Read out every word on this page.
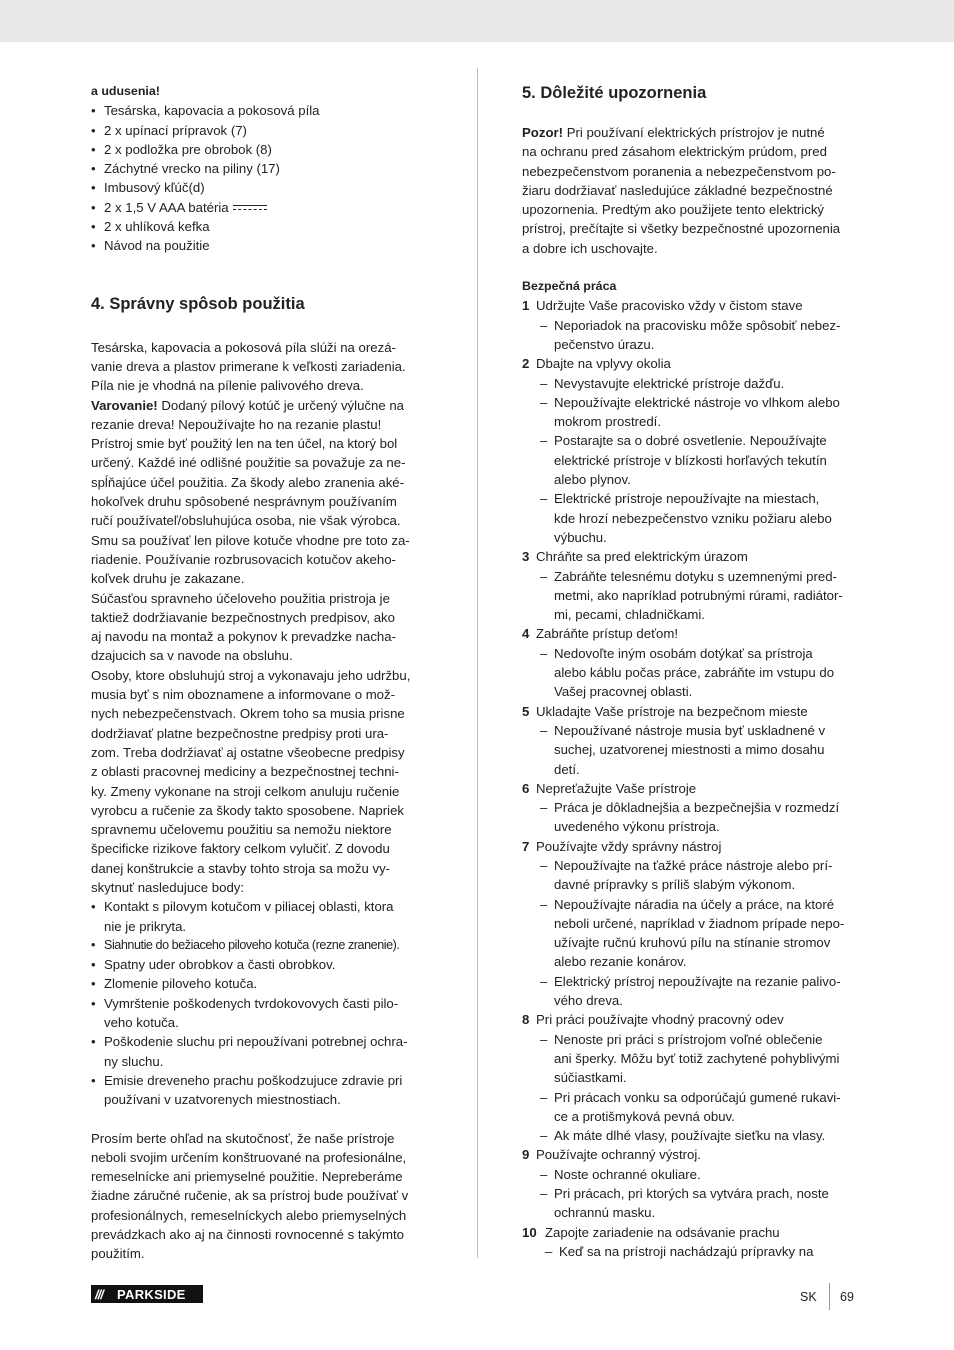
a udusenia!

• Tesárska, kapovacia a pokosová píla
• 2 x upínací prípravok (7)
• 2 x podložka pre obrobok (8)
• Záchytné vrecko na piliny (17)
• Imbusový kľúč(d)
• 2 x 1,5 V AAA batéria
• 2 x uhlíková kefka
• Návod na použitie
4. Správny spôsob použitia

Tesárska, kapovacia a pokosová píla slúži na orezá-

vanie dreva a plastov primerane k veľkosti zariadenia.

Píla nie je vhodná na pílenie palivového dreva.

Varovanie! Dodaný pílový kotúč je určený výlučne na

rezanie dreva! Nepoužívajte ho na rezanie plastu!

Prístroj smie byť použitý len na ten účel, na ktorý bol

určený. Každé iné odlišné použitie sa považuje za ne-

spĺňajúce účel použitia. Za škody alebo zranenia aké-

hokoľvek druhu spôsobené nesprávnym používaním

ručí používateľ/obsluhujúca osoba, nie však výrobca.

Smu sa používať len pilove kotuče vhodne pre toto za-

riadenie. Používanie rozbrusovacich kotučov akeho-

koľvek druhu je zakazane.

Súčasťou spravneho účeloveho použitia pristroja je

taktiež dodržiavanie bezpečnostnych predpisov, ako

aj navodu na montaž a pokynov k prevadzke nacha-

dzajucich sa v navode na obsluhu.

Osoby, ktore obsluhujú stroj a vykonavaju jeho udržbu,

musia byť s nim oboznamene a informovane o mož-

nych nebezpečenstvach. Okrem toho sa musia prisne

dodržiavať platne bezpečnostne predpisy proti ura-

zom. Treba dodržiavať aj ostatne všeobecne predpisy

z oblasti pracovnej mediciny a bezpečnostnej techni-

ky. Zmeny vykonane na stroji celkom anuluju ručenie

vyrobcu a ručenie za škody takto sposobene. Napriek

spravnemu učelovemu použitiu sa nemožu niektore

špecificke rizikove faktory celkom vylučiť. Z dovodu

danej konštrukcie a stavby tohto stroja sa možu vy-

skytnuť nasledujuce body:

• Kontakt s pilovym kotučom v piliacej oblasti, ktora
nie je prikryta.
• Siahnutie do bežiaceho piloveho kotuča (rezne zranenie).
• Spatny uder obrobkov a časti obrobkov.
• Zlomenie piloveho kotuča.
• Vymrštenie poškodenych tvrdokovovych časti pilo-
veho kotuča.
• Poškodenie sluchu pri nepoužívani potrebnej ochra-
ny sluchu.
• Emisie dreveneho prachu poškodzujuce zdravie pri
používani v uzatvorenych miestnostiach.

Prosím berte ohľad na skutočnosť, že naše prístroje

neboli svojim určením konštruované na profesionálne,

remeselnícke ani priemyselné použitie. Nepreberáme

žiadne záručné ručenie, ak sa prístroj bude používať v

profesionálnych, remeselníckych alebo priemyselných

prevádzkach ako aj na činnosti rovnocenné s takýmto

použitím.

5. Dôležité upozornenia

Pozor! Pri používaní elektrických prístrojov je nutné

na ochranu pred zásahom elektrickým prúdom, pred

nebezpečenstvom poranenia a nebezpečenstvom po-

žiaru dodržiavať nasledujúce základné bezpečnostné

upozornenia. Predtým ako použijete tento elektrický

prístroj, prečítajte si všetky bezpečnostné upozornenia

a dobre ich uschovajte.

Bezpečná práca

1 Udržujte Vaše pracovisko vždy v čistom stave
– Neporiadok na pracovisku môže spôsobiť nebez-
pečenstvo úrazu.
2 Dbajte na vplyvy okolia
– Nevystavujte elektrické prístroje dažďu.
– Nepoužívajte elektrické nástroje vo vlhkom alebo
mokrom prostredí.
– Postarajte sa o dobré osvetlenie. Nepoužívajte
elektrické prístroje v blízkosti horľavých tekutín
alebo plynov.
– Elektrické prístroje nepoužívajte na miestach,
kde hrozí nebezpečenstvo vzniku požiaru alebo
výbuchu.
3 Chráňte sa pred elektrickým úrazom
– Zabráňte telesnému dotyku s uzemnenými pred-
metmi, ako napríklad potrubnými rúrami, radiátor-
mi, pecami, chladničkami.
4 Zabráňte prístup deťom!
– Nedovoľte iným osobám dotýkať sa prístroja
alebo káblu počas práce, zabráňte im vstupu do
Vašej pracovnej oblasti.
5 Ukladajte Vaše prístroje na bezpečnom mieste
– Nepoužívané nástroje musia byť uskladnené v
suchej, uzatvorenej miestnosti a mimo dosahu
detí.
6 Nepreťažujte Vaše prístroje
– Práca je dôkladnejšia a bezpečnejšia v rozmedzí
uvedeného výkonu prístroja.
7 Používajte vždy správny nástroj
– Nepoužívajte na ťažké práce nástroje alebo prí-
davné prípravky s príliš slabým výkonom.
– Nepoužívajte náradia na účely a práce, na ktoré
neboli určené, napríklad v žiadnom prípade nepo-
užívajte ručnú kruhovú pílu na stínanie stromov
alebo rezanie konárov.
– Elektrický prístroj nepoužívajte na rezanie palivo-
vého dreva.
8 Pri práci používajte vhodný pracovný odev
– Nenoste pri práci s prístrojom voľné oblečenie
ani šperky. Môžu byť totiž zachytené pohyblivými
súčiastkami.
– Pri prácach vonku sa odporúčajú gumené rukavi-
ce a protišmyková pevná obuv.
– Ak máte dlhé vlasy, používajte sieťku na vlasy.
9 Používajte ochranný výstroj.
– Noste ochranné okuliare.
– Pri prácach, pri ktorých sa vytvára prach, noste
ochrannú masku.
10 Zapojte zariadenie na odsávanie prachu
– Keď sa na prístroji nachádzajú prípravky na
///	PARKSIDE	SK 69
